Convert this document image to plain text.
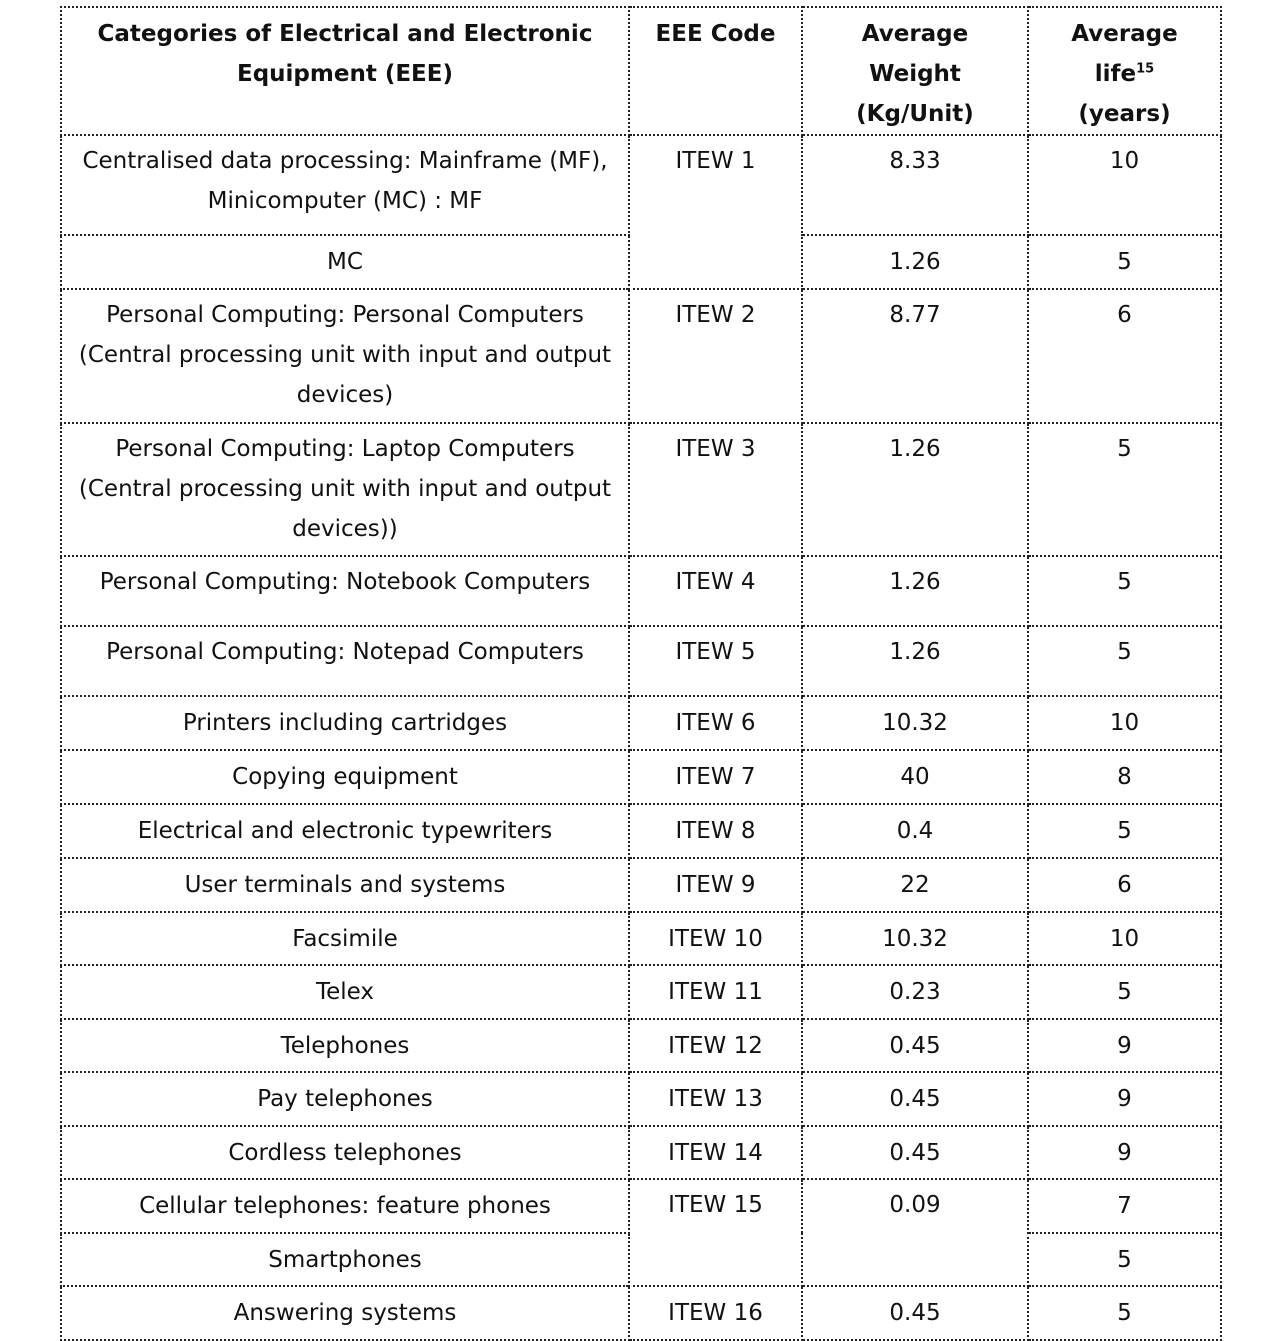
Categories of Electrical and Electronic Equipment (EEE)	EEE Code	Average Weight (Kg/Unit)	Average life$^{15}$
(years)
Centralised data processing: Mainframe (MF), Minicomputer (MC) : MF	ITEW 1	8.33	10
MC		1.26	5
Personal Computing: Personal Computers (Central processing unit with input and output devices)	ITEW 2	8.77	6
Personal Computing: Laptop Computers (Central processing unit with input and output devices))	ITEW 3	1.26	5
Personal Computing: Notebook Computers	ITEW 4	1.26	5
Personal Computing: Notepad Computers	ITEW 5	1.26	5
Printers including cartridges	ITEW 6	10.32	10
Copying equipment	ITEW 7	40	8
Electrical and electronic typewriters	ITEW 8	0.4	5
User terminals and systems	ITEW 9	22	6
Facsimile	ITEW 10	10.32	10
Telex	ITEW 11	0.23	5
Telephones	ITEW 12	0.45	9
Pay telephones	ITEW 13	0.45	9
Cordless telephones	ITEW 14	0.45	9
Cellular telephones: feature phones	ITEW 15	0.09	7
Smartphones			5
Answering systems	ITEW 16	0.45	5
